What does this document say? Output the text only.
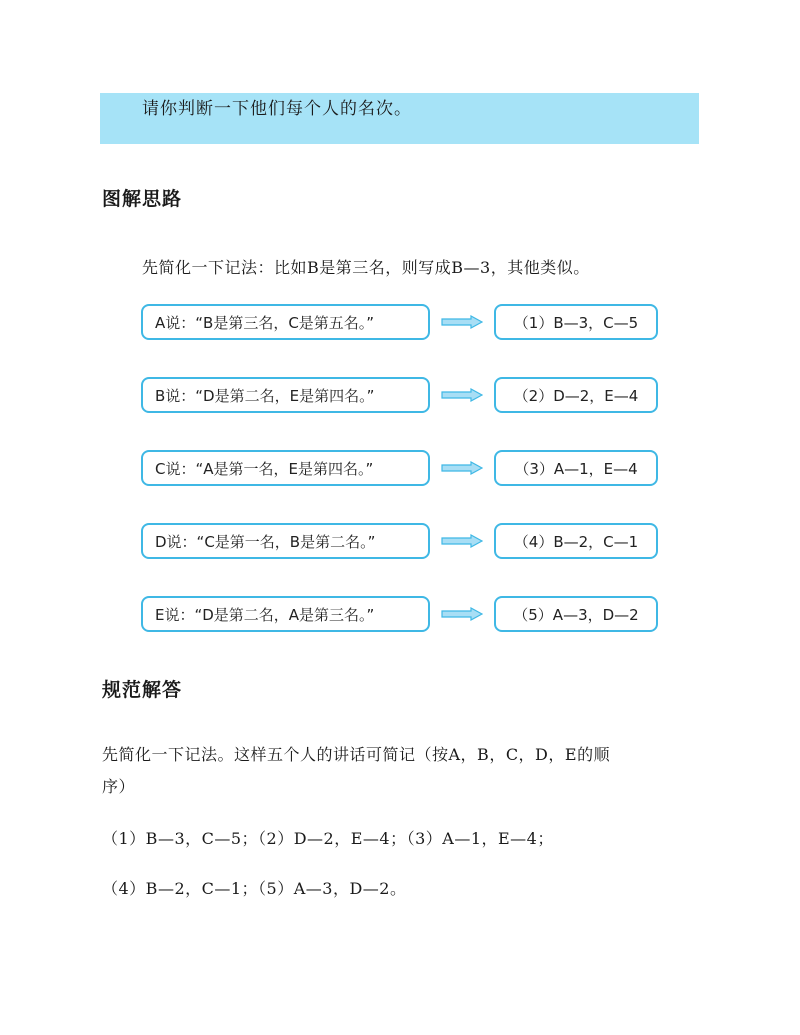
请你判断一下他们每个人的名次。
图解思路
先简化一下记法：比如B是第三名，则写成B—3，其他类似。
A说：“B是第三名，C是第五名。”	（1）B—3，C—5
B说：“D是第二名，E是第四名。”	（2）D—2，E—4
C说：“A是第一名，E是第四名。”	（3）A—1，E—4
D说：“C是第一名，B是第二名。”	（4）B—2，C—1
E说：“D是第二名，A是第三名。”	（5）A—3，D—2
规范解答
先简化一下记法。这样五个人的讲话可简记（按A，B，C，D，E的顺
序）
（1）B—3，C—5；（2）D—2，E—4；（3）A—1，E—4；
（4）B—2，C—1；（5）A—3，D—2。
